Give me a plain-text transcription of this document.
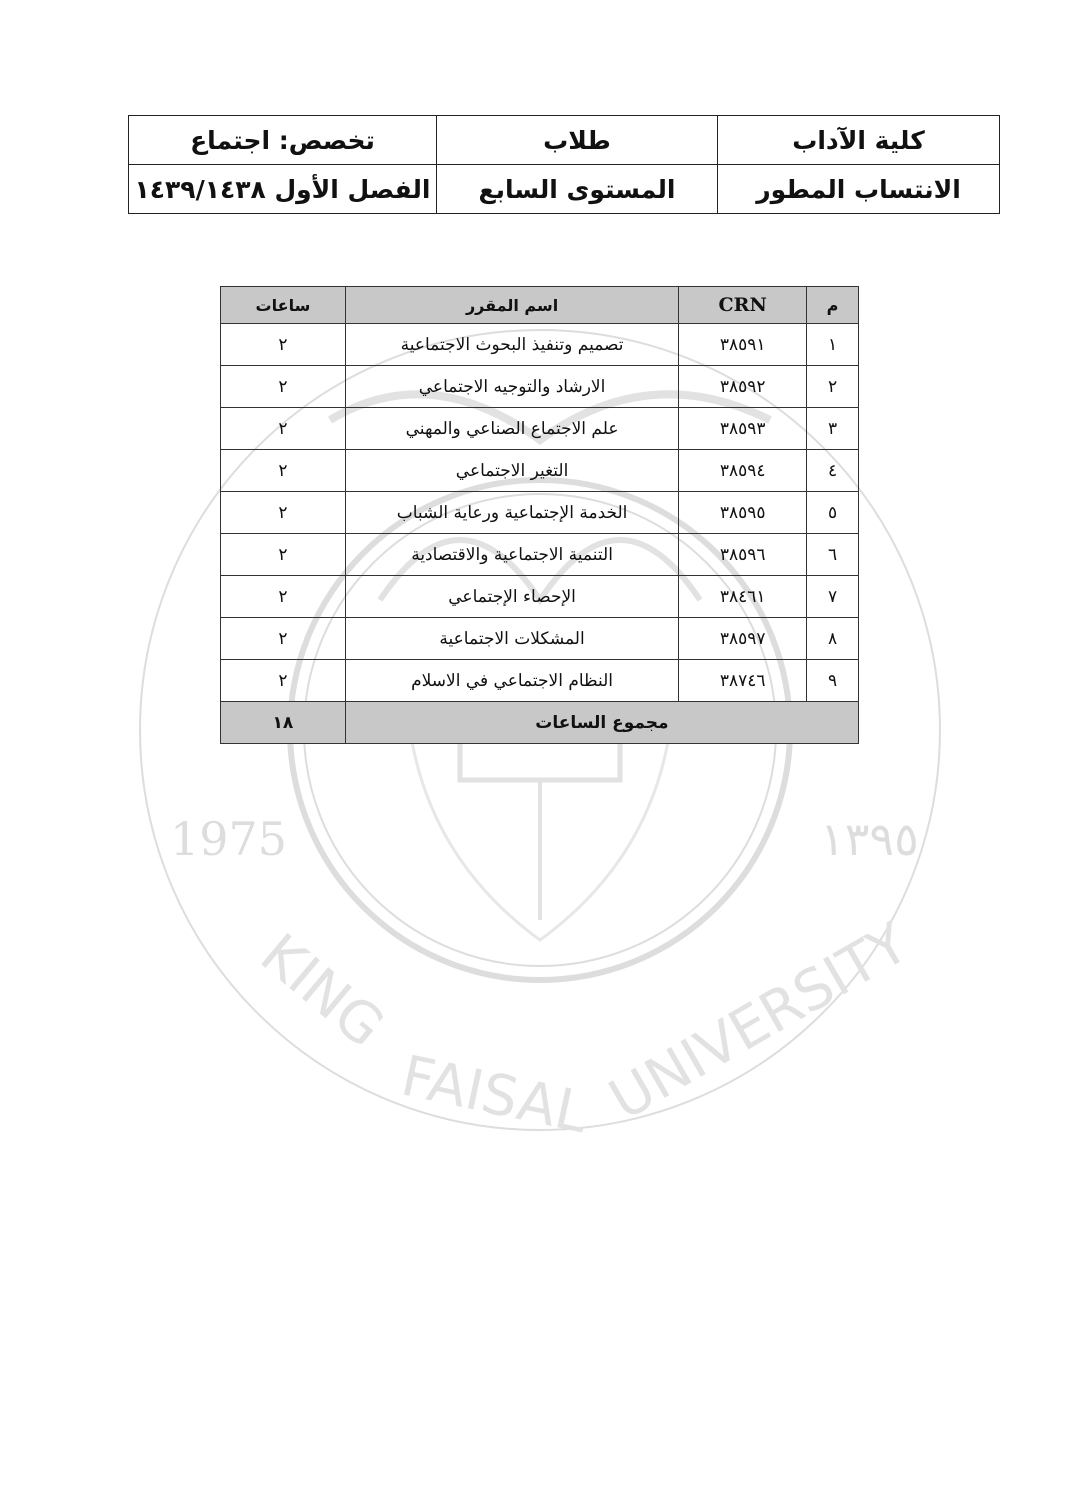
1975	١٣٩٥
KING
FAISAL UNIVERSITY
كلية الآداب	طلاب	تخصص: اجتماع
الانتساب المطور	المستوى السابع	الفصل الأول ١٤٣٩/١٤٣٨
م	CRN	اسم المقرر	ساعات
١	٣٨٥٩١	تصميم وتنفيذ البحوث الاجتماعية	٢
٢	٣٨٥٩٢	الارشاد والتوجيه الاجتماعي	٢
٣	٣٨٥٩٣	علم الاجتماع الصناعي والمهني	٢
٤	٣٨٥٩٤	التغير الاجتماعي	٢
٥	٣٨٥٩٥	الخدمة الإجتماعية ورعاية الشباب	٢
٦	٣٨٥٩٦	التنمية الاجتماعية والاقتصادية	٢
٧	٣٨٤٦١	الإحصاء الإجتماعي	٢
٨	٣٨٥٩٧	المشكلات الاجتماعية	٢
٩	٣٨٧٤٦	النظام الاجتماعي في الاسلام	٢
مجموع الساعات			١٨
